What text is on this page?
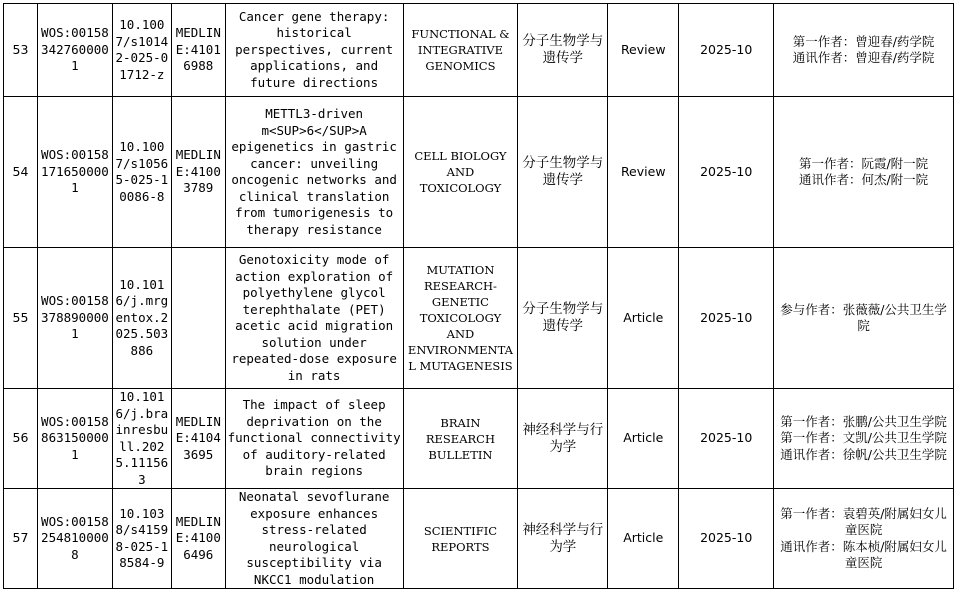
53	WOS:001583427600001	10.1007/s10142-025-01712-z	MEDLINE:41016988	Cancer gene therapy: historical perspectives, current applications, and future directions	FUNCTIONAL & INTEGRATIVE GENOMICS	分子生物学与遗传学	Review	2025-10	第一作者：曾迎春/药学院
通讯作者：曾迎春/药学院

54	WOS:001581716500001	10.1007/s10565-025-10086-8	MEDLINE:41003789	METTL3-driven m<SUP>6</SUP>A epigenetics in gastric cancer: unveiling oncogenic networks and clinical translation from tumorigenesis to therapy resistance	CELL BIOLOGY AND TOXICOLOGY	分子生物学与遗传学	Review	2025-10	第一作者：阮霞/附一院
通讯作者：何杰/附一院

55	WOS:001583788900001	10.1016/j.mrgentox.2025.503886		Genotoxicity mode of action exploration of polyethylene glycol terephthalate (PET) acetic acid migration solution under repeated-dose exposure in rats	MUTATION RESEARCH-GENETIC TOXICOLOGY AND ENVIRONMENTAL MUTAGENESIS	分子生物学与遗传学	Article	2025-10	参与作者：张薇薇/公共卫生学院

56	WOS:001588631500001	10.1016/j.brainresbull.2025.111563	MEDLINE:41043695	The impact of sleep deprivation on the functional connectivity of auditory-related brain regions	BRAIN RESEARCH BULLETIN	神经科学与行为学	Article	2025-10	第一作者：张鹏/公共卫生学院
第一作者：文凯/公共卫生学院
通讯作者：徐帆/公共卫生学院

57	WOS:001582548100008	10.1038/s41598-025-18584-9	MEDLINE:41006496	Neonatal sevoflurane exposure enhances stress-related neurological susceptibility via NKCC1 modulation	SCIENTIFIC REPORTS	神经科学与行为学	Article	2025-10	第一作者：袁碧英/附属妇女儿童医院
通讯作者：陈本桢/附属妇女儿童医院
